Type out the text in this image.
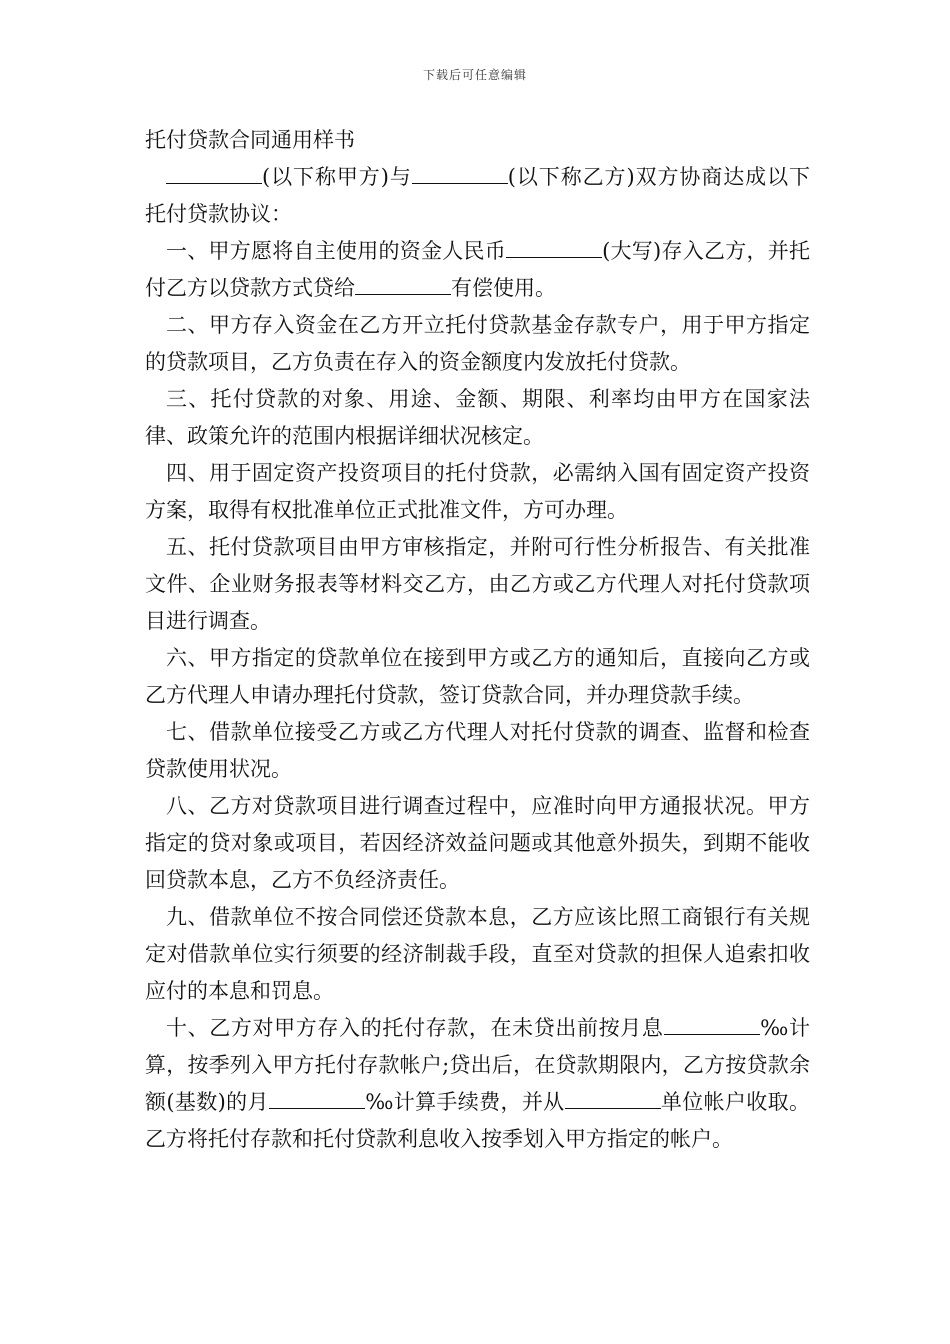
下载后可任意编辑
托付贷款合同通用样书

(以下称甲方)与	(以下称乙方)双方协商达成以下托付贷款协议：

一、甲方愿将自主使用的资金人民币	(大写)存入乙方，并托付乙方以贷款方式贷给	有偿使用。

二、甲方存入资金在乙方开立托付贷款基金存款专户，用于甲方指定的贷款项目，乙方负责在存入的资金额度内发放托付贷款。

三、托付贷款的对象、用途、金额、期限、利率均由甲方在国家法律、政策允许的范围内根据详细状况核定。

四、用于固定资产投资项目的托付贷款，必需纳入国有固定资产投资方案，取得有权批准单位正式批准文件，方可办理。

五、托付贷款项目由甲方审核指定，并附可行性分析报告、有关批准文件、企业财务报表等材料交乙方，由乙方或乙方代理人对托付贷款项目进行调查。

六、甲方指定的贷款单位在接到甲方或乙方的通知后，直接向乙方或乙方代理人申请办理托付贷款，签订贷款合同，并办理贷款手续。

七、借款单位接受乙方或乙方代理人对托付贷款的调查、监督和检查贷款使用状况。

八、乙方对贷款项目进行调查过程中，应准时向甲方通报状况。甲方指定的贷对象或项目，若因经济效益问题或其他意外损失，到期不能收回贷款本息，乙方不负经济责任。

九、借款单位不按合同偿还贷款本息，乙方应该比照工商银行有关规定对借款单位实行须要的经济制裁手段，直至对贷款的担保人追索扣收应付的本息和罚息。

十、乙方对甲方存入的托付存款，在未贷出前按月息	‰计算，按季列入甲方托付存款帐户;贷出后，在贷款期限内，乙方按贷款余额(基数)的月	‰计算手续费，并从	单位帐户收取。乙方将托付存款和托付贷款利息收入按季划入甲方指定的帐户。
